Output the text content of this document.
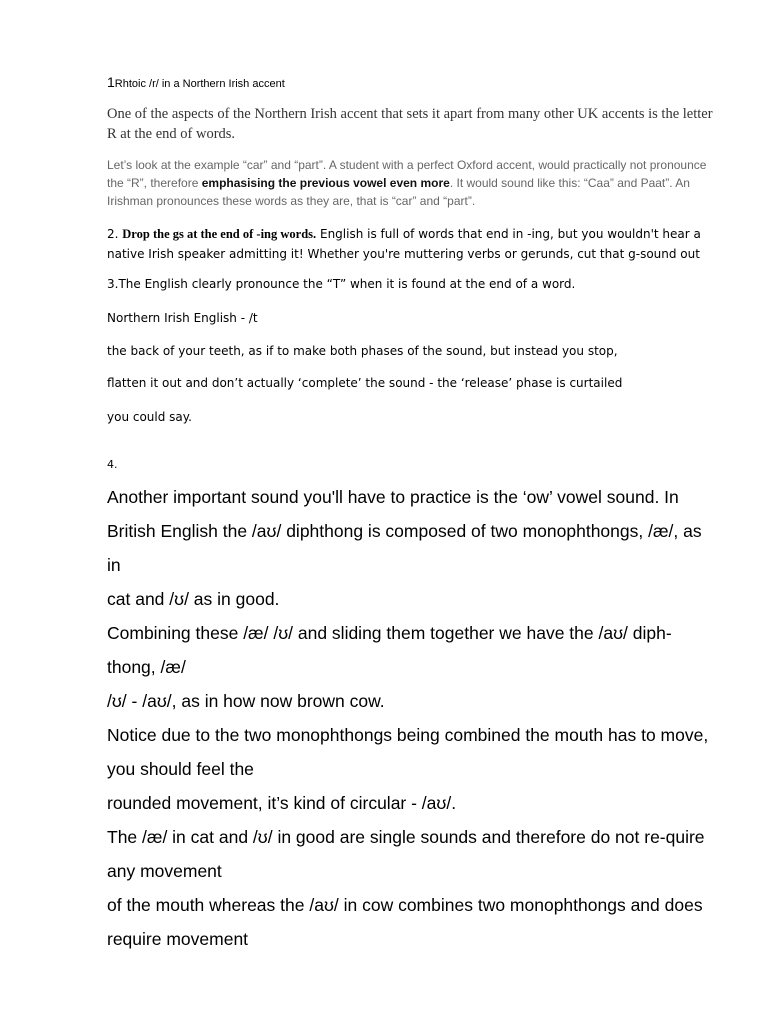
1Rhtoic /r/ in a Northern Irish accent
One of the aspects of the Northern Irish accent that sets it apart from many other UK accents is the letter R at the end of words.
Let’s look at the example “car” and “part”. A student with a perfect Oxford accent, would practically not pronounce the “R”, therefore emphasising the previous vowel even more. It would sound like this: “Caa” and Paat”. An Irishman pronounces these words as they are, that is “car” and “part”.
2. Drop the gs at the end of -ing words. English is full of words that end in -ing, but you wouldn't hear a native Irish speaker admitting it! Whether you're muttering verbs or gerunds, cut that g-sound out
3.The English clearly pronounce the “T” when it is found at the end of a word.
Northern Irish English - /t
the back of your teeth, as if to make both phases of the sound, but instead you stop,
flatten it out and don’t actually ‘complete’ the sound - the ‘release’ phase is curtailed
you could say.
4.

Another important sound you'll have to practice is the ‘ow’ vowel sound. In British English the /aʊ/ diphthong is composed of two monophthongs, /æ/, as in

cat and /ʊ/ as in good.

Combining these /æ/ /ʊ/ and sliding them together we have the /aʊ/ diph-thong, /æ/

/ʊ/ - /aʊ/, as in how now brown cow.

Notice due to the two monophthongs being combined the mouth has to move, you should feel the

rounded movement, it’s kind of circular - /aʊ/.

The /æ/ in cat and /ʊ/ in good are single sounds and therefore do not re-quire any movement

of the mouth whereas the /aʊ/ in cow combines two monophthongs and does require movement
